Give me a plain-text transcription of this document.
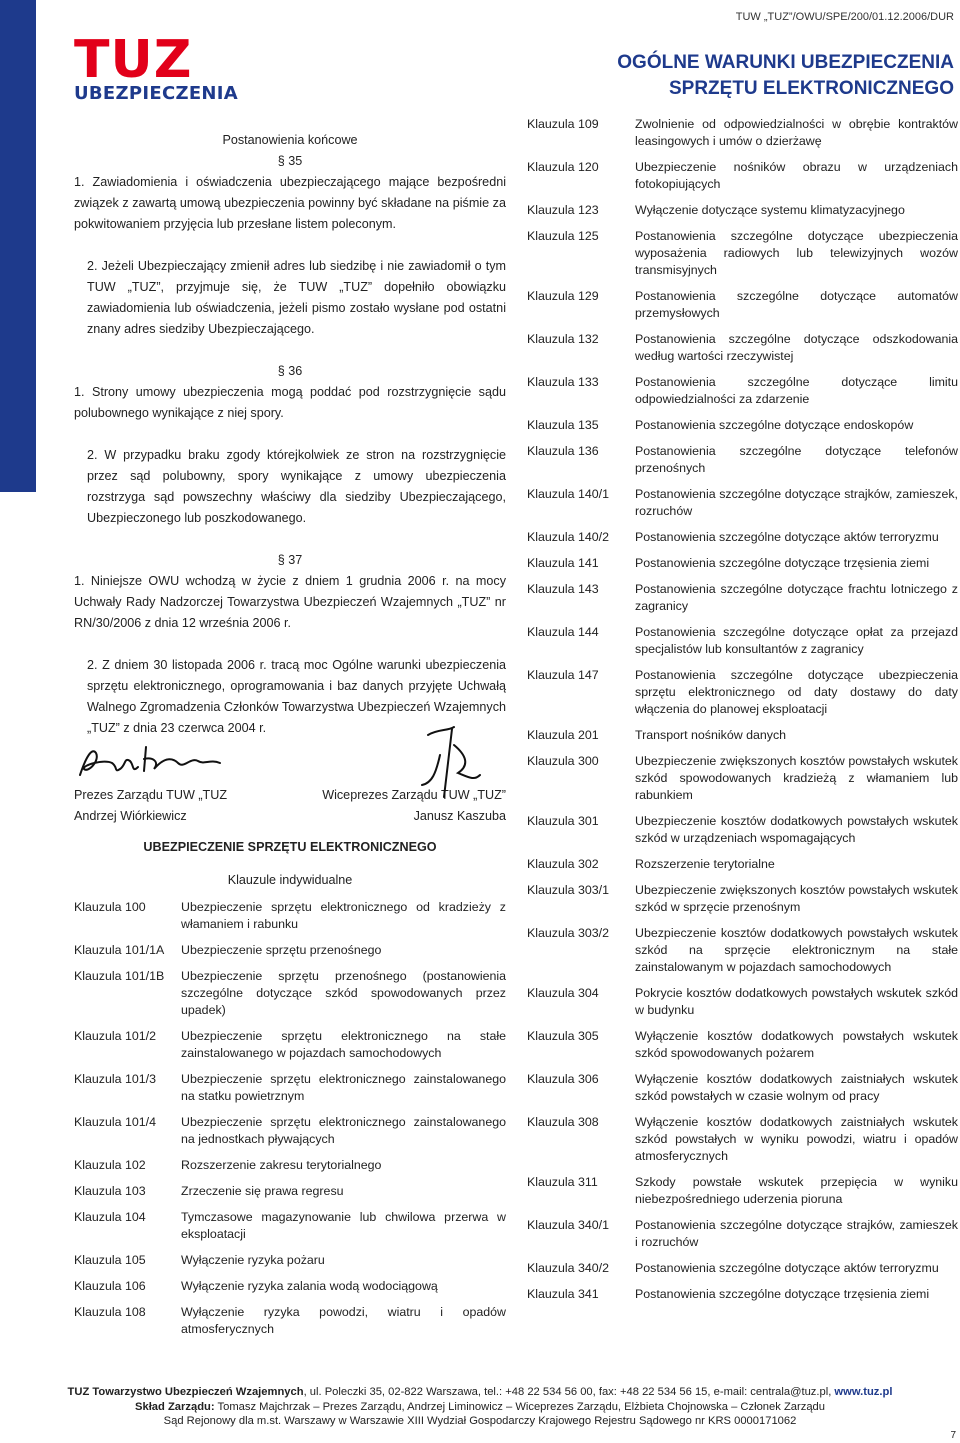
TUZ
UBEZPIECZENIA
TUW „TUZ”/OWU/SPE/200/01.12.2006/DUR
OGÓLNE WARUNKI UBEZPIECZENIA
SPRZĘTU ELEKTRONICZNEGO

Postanowienia końcowe

§ 35

1. Zawiadomienia i oświadczenia ubezpieczającego mające bezpośredni związek z zawartą umową ubezpieczenia powinny być składane na piśmie za pokwitowaniem przyjęcia lub przesłane listem poleconym.

2. Jeżeli Ubezpieczający zmienił adres lub siedzibę i nie zawiadomił o tym TUW „TUZ”, przyjmuje się, że TUW „TUZ” dopełniło obowiązku zawiadomienia lub oświadczenia, jeżeli pismo zostało wysłane pod ostatni znany adres siedziby Ubezpieczającego.

§ 36

1. Strony umowy ubezpieczenia mogą poddać pod rozstrzygnięcie sądu polubownego wynikające z niej spory.

2. W przypadku braku zgody którejkolwiek ze stron na rozstrzygnięcie przez sąd polubowny, spory wynikające z umowy ubezpieczenia rozstrzyga sąd powszechny właściwy dla siedziby Ubezpieczającego, Ubezpieczonego lub poszkodowanego.

§ 37

1. Niniejsze OWU wchodzą w życie z dniem 1 grudnia 2006 r. na mocy Uchwały Rady Nadzorczej Towarzystwa Ubezpieczeń Wzajemnych „TUZ” nr RN/30/2006 z dnia 12 września 2006 r.

2. Z dniem 30 listopada 2006 r. tracą moc Ogólne warunki ubezpieczenia sprzętu elektronicznego, oprogramowania i baz danych przyjęte Uchwałą Walnego Zgromadzenia Członków Towarzystwa Ubezpieczeń Wzajemnych „TUZ” z dnia 23 czerwca 2004 r.

Prezes Zarządu TUW „TUZ	Wiceprezes Zarządu TUW „TUZ”
Andrzej Wiórkiewicz	Janusz Kaszuba

UBEZPIECZENIE SPRZĘTU ELEKTRONICZNEGO

Klauzule indywidualne

Klauzula 100	Ubezpieczenie sprzętu elektronicznego od kradzieży z włamaniem i rabunku
Klauzula 101/1A	Ubezpieczenie sprzętu przenośnego
Klauzula 101/1B	Ubezpieczenie sprzętu przenośnego (postanowienia szczególne dotyczące szkód spowodowanych przez upadek)
Klauzula 101/2	Ubezpieczenie sprzętu elektronicznego na stałe zainstalowanego w pojazdach samochodowych
Klauzula 101/3	Ubezpieczenie sprzętu elektronicznego zainstalowanego na statku powietrznym
Klauzula 101/4	Ubezpieczenie sprzętu elektronicznego zainstalowanego na jednostkach pływających
Klauzula 102	Rozszerzenie zakresu terytorialnego
Klauzula 103	Zrzeczenie się prawa regresu
Klauzula 104	Tymczasowe magazynowanie lub chwilowa przerwa w eksploatacji
Klauzula 105	Wyłączenie ryzyka pożaru
Klauzula 106	Wyłączenie ryzyka zalania wodą wodociągową
Klauzula 108	Wyłączenie ryzyka powodzi, wiatru i opadów atmosferycznych
Klauzula 109	Zwolnienie od odpowiedzialności w obrębie kontraktów leasingowych i umów o dzierżawę
Klauzula 120	Ubezpieczenie nośników obrazu w urządzeniach fotokopiujących
Klauzula 123	Wyłączenie dotyczące systemu klimatyzacyjnego
Klauzula 125	Postanowienia szczególne dotyczące ubezpieczenia wyposażenia radiowych lub telewizyjnych wozów transmisyjnych
Klauzula 129	Postanowienia szczególne dotyczące automatów przemysłowych
Klauzula 132	Postanowienia szczególne dotyczące odszkodowania według wartości rzeczywistej
Klauzula 133	Postanowienia szczególne dotyczące limitu odpowiedzialności za zdarzenie
Klauzula 135	Postanowienia szczególne dotyczące endoskopów
Klauzula 136	Postanowienia szczególne dotyczące telefonów przenośnych
Klauzula 140/1	Postanowienia szczególne dotyczące strajków, zamieszek, rozruchów
Klauzula 140/2	Postanowienia szczególne dotyczące aktów terroryzmu
Klauzula 141	Postanowienia szczególne dotyczące trzęsienia ziemi
Klauzula 143	Postanowienia szczególne dotyczące frachtu lotniczego z zagranicy
Klauzula 144	Postanowienia szczególne dotyczące opłat za przejazd specjalistów lub konsultantów z zagranicy
Klauzula 147	Postanowienia szczególne dotyczące ubezpieczenia sprzętu elektronicznego od daty dostawy do daty włączenia do planowej eksploatacji
Klauzula 201	Transport nośników danych
Klauzula 300	Ubezpieczenie zwiększonych kosztów powstałych wskutek szkód spowodowanych kradzieżą z włamaniem lub rabunkiem
Klauzula 301	Ubezpieczenie kosztów dodatkowych powstałych wskutek szkód w urządzeniach wspomagających
Klauzula 302	Rozszerzenie terytorialne
Klauzula 303/1	Ubezpieczenie zwiększonych kosztów powstałych wskutek szkód w sprzęcie przenośnym
Klauzula 303/2	Ubezpieczenie kosztów dodatkowych powstałych wskutek szkód na sprzęcie elektronicznym na stałe zainstalowanym w pojazdach samochodowych
Klauzula 304	Pokrycie kosztów dodatkowych powstałych wskutek szkód w budynku
Klauzula 305	Wyłączenie kosztów dodatkowych powstałych wskutek szkód spowodowanych pożarem
Klauzula 306	Wyłączenie kosztów dodatkowych zaistniałych wskutek szkód powstałych w czasie wolnym od pracy
Klauzula 308	Wyłączenie kosztów dodatkowych zaistniałych wskutek szkód powstałych w wyniku powodzi, wiatru i opadów atmosferycznych
Klauzula 311	Szkody powstałe wskutek przepięcia w wyniku niebezpośredniego uderzenia pioruna
Klauzula 340/1	Postanowienia szczególne dotyczące strajków, zamieszek i rozruchów
Klauzula 340/2	Postanowienia szczególne dotyczące aktów terroryzmu
Klauzula 341	Postanowienia szczególne dotyczące trzęsienia ziemi
TUZ Towarzystwo Ubezpieczeń Wzajemnych, ul. Poleczki 35, 02-822 Warszawa, tel.: +48 22 534 56 00, fax: +48 22 534 56 15, e-mail: centrala@tuz.pl, www.tuz.pl
Skład Zarządu: Tomasz Majchrzak – Prezes Zarządu, Andrzej Liminowicz – Wiceprezes Zarządu, Elżbieta Chojnowska – Członek Zarządu
Sąd Rejonowy dla m.st. Warszawy w Warszawie XIII Wydział Gospodarczy Krajowego Rejestru Sądowego nr KRS 0000171062
7
